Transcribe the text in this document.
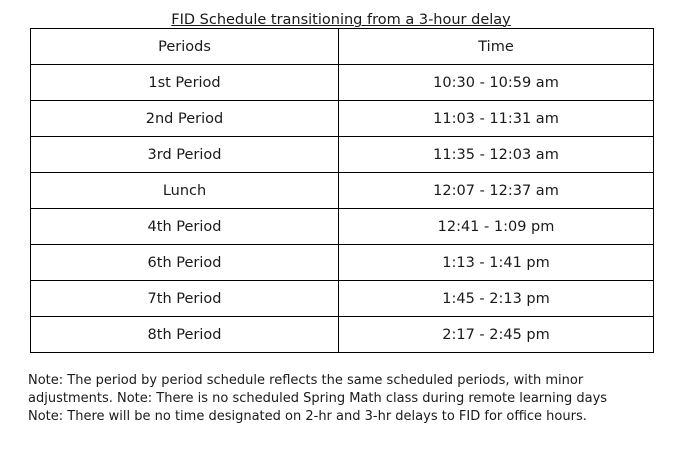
FID Schedule transitioning from a 3-hour delay
Periods	Time
1st Period	10:30 - 10:59 am
2nd Period	11:03 - 11:31 am
3rd Period	11:35 - 12:03 am
Lunch	12:07 - 12:37 am
4th Period	12:41 - 1:09 pm
6th Period	1:13 - 1:41 pm
7th Period	1:45 - 2:13 pm
8th Period	2:17 - 2:45 pm
Note: The period by period schedule reflects the same scheduled periods, with minor adjustments. Note: There is no scheduled Spring Math class during remote learning days Note: There will be no time designated on 2-hr and 3-hr delays to FID for office hours.
